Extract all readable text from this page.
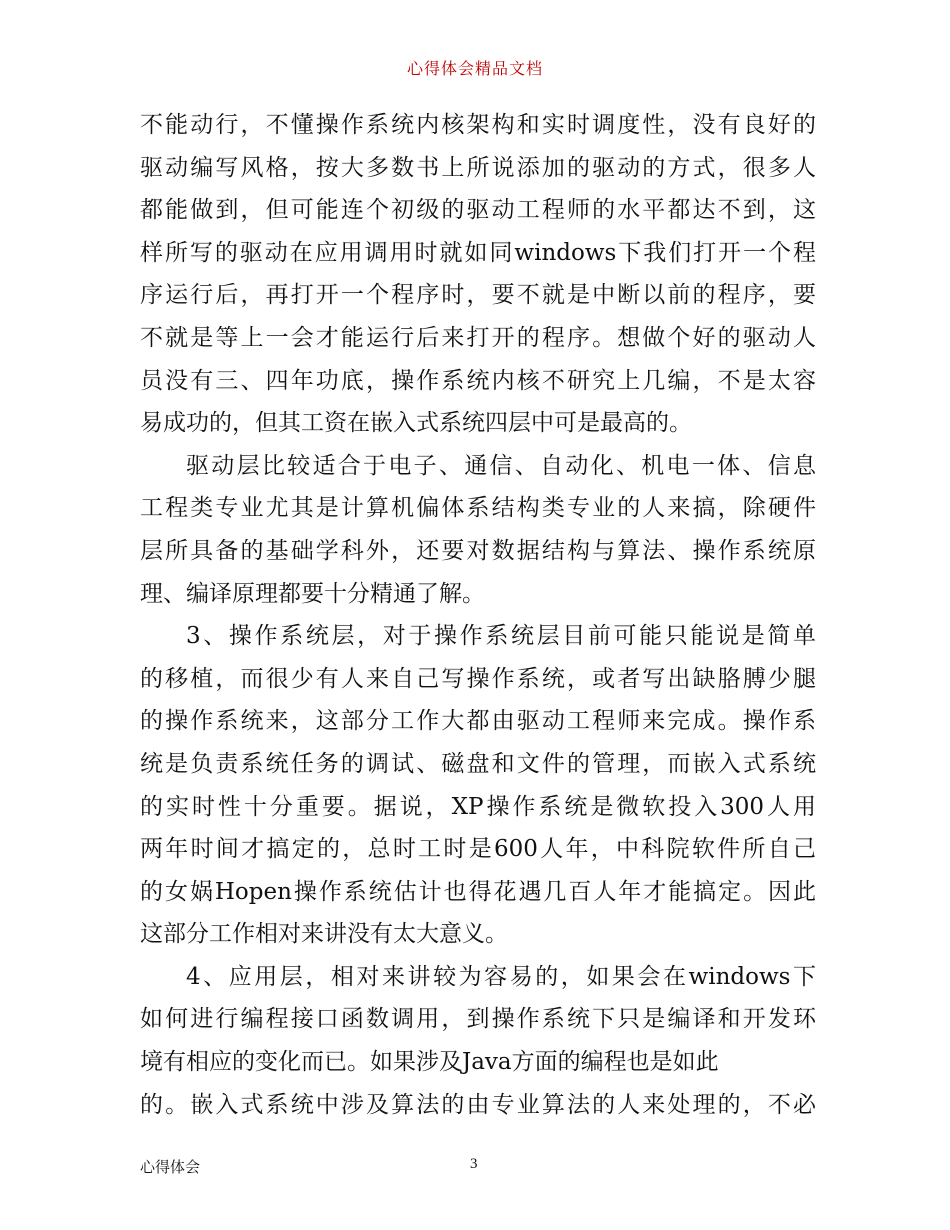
心得体会精品文档
不能动行，不懂操作系统内核架构和实时调度性，没有良好的
驱动编写风格，按大多数书上所说添加的驱动的方式，很多人
都能做到，但可能连个初级的驱动工程师的水平都达不到，这
样所写的驱动在应用调用时就如同windows下我们打开一个程
序运行后，再打开一个程序时，要不就是中断以前的程序，要
不就是等上一会才能运行后来打开的程序。想做个好的驱动人
员没有三、四年功底，操作系统内核不研究上几编，不是太容
易成功的，但其工资在嵌入式系统四层中可是最高的。
驱动层比较适合于电子、通信、自动化、机电一体、信息
工程类专业尤其是计算机偏体系结构类专业的人来搞，除硬件
层所具备的基础学科外，还要对数据结构与算法、操作系统原
理、编译原理都要十分精通了解。
3、操作系统层，对于操作系统层目前可能只能说是简单
的移植，而很少有人来自己写操作系统，或者写出缺胳膊少腿
的操作系统来，这部分工作大都由驱动工程师来完成。操作系
统是负责系统任务的调试、磁盘和文件的管理，而嵌入式系统
的实时性十分重要。据说，XP操作系统是微软投入300人用
两年时间才搞定的，总时工时是600人年，中科院软件所自己
的女娲Hopen操作系统估计也得花遇几百人年才能搞定。因此
这部分工作相对来讲没有太大意义。
4、应用层，相对来讲较为容易的，如果会在windows下
如何进行编程接口函数调用，到操作系统下只是编译和开发环
境有相应的变化而已。如果涉及Java方面的编程也是如此
的。嵌入式系统中涉及算法的由专业算法的人来处理的，不必
心得体会	3
